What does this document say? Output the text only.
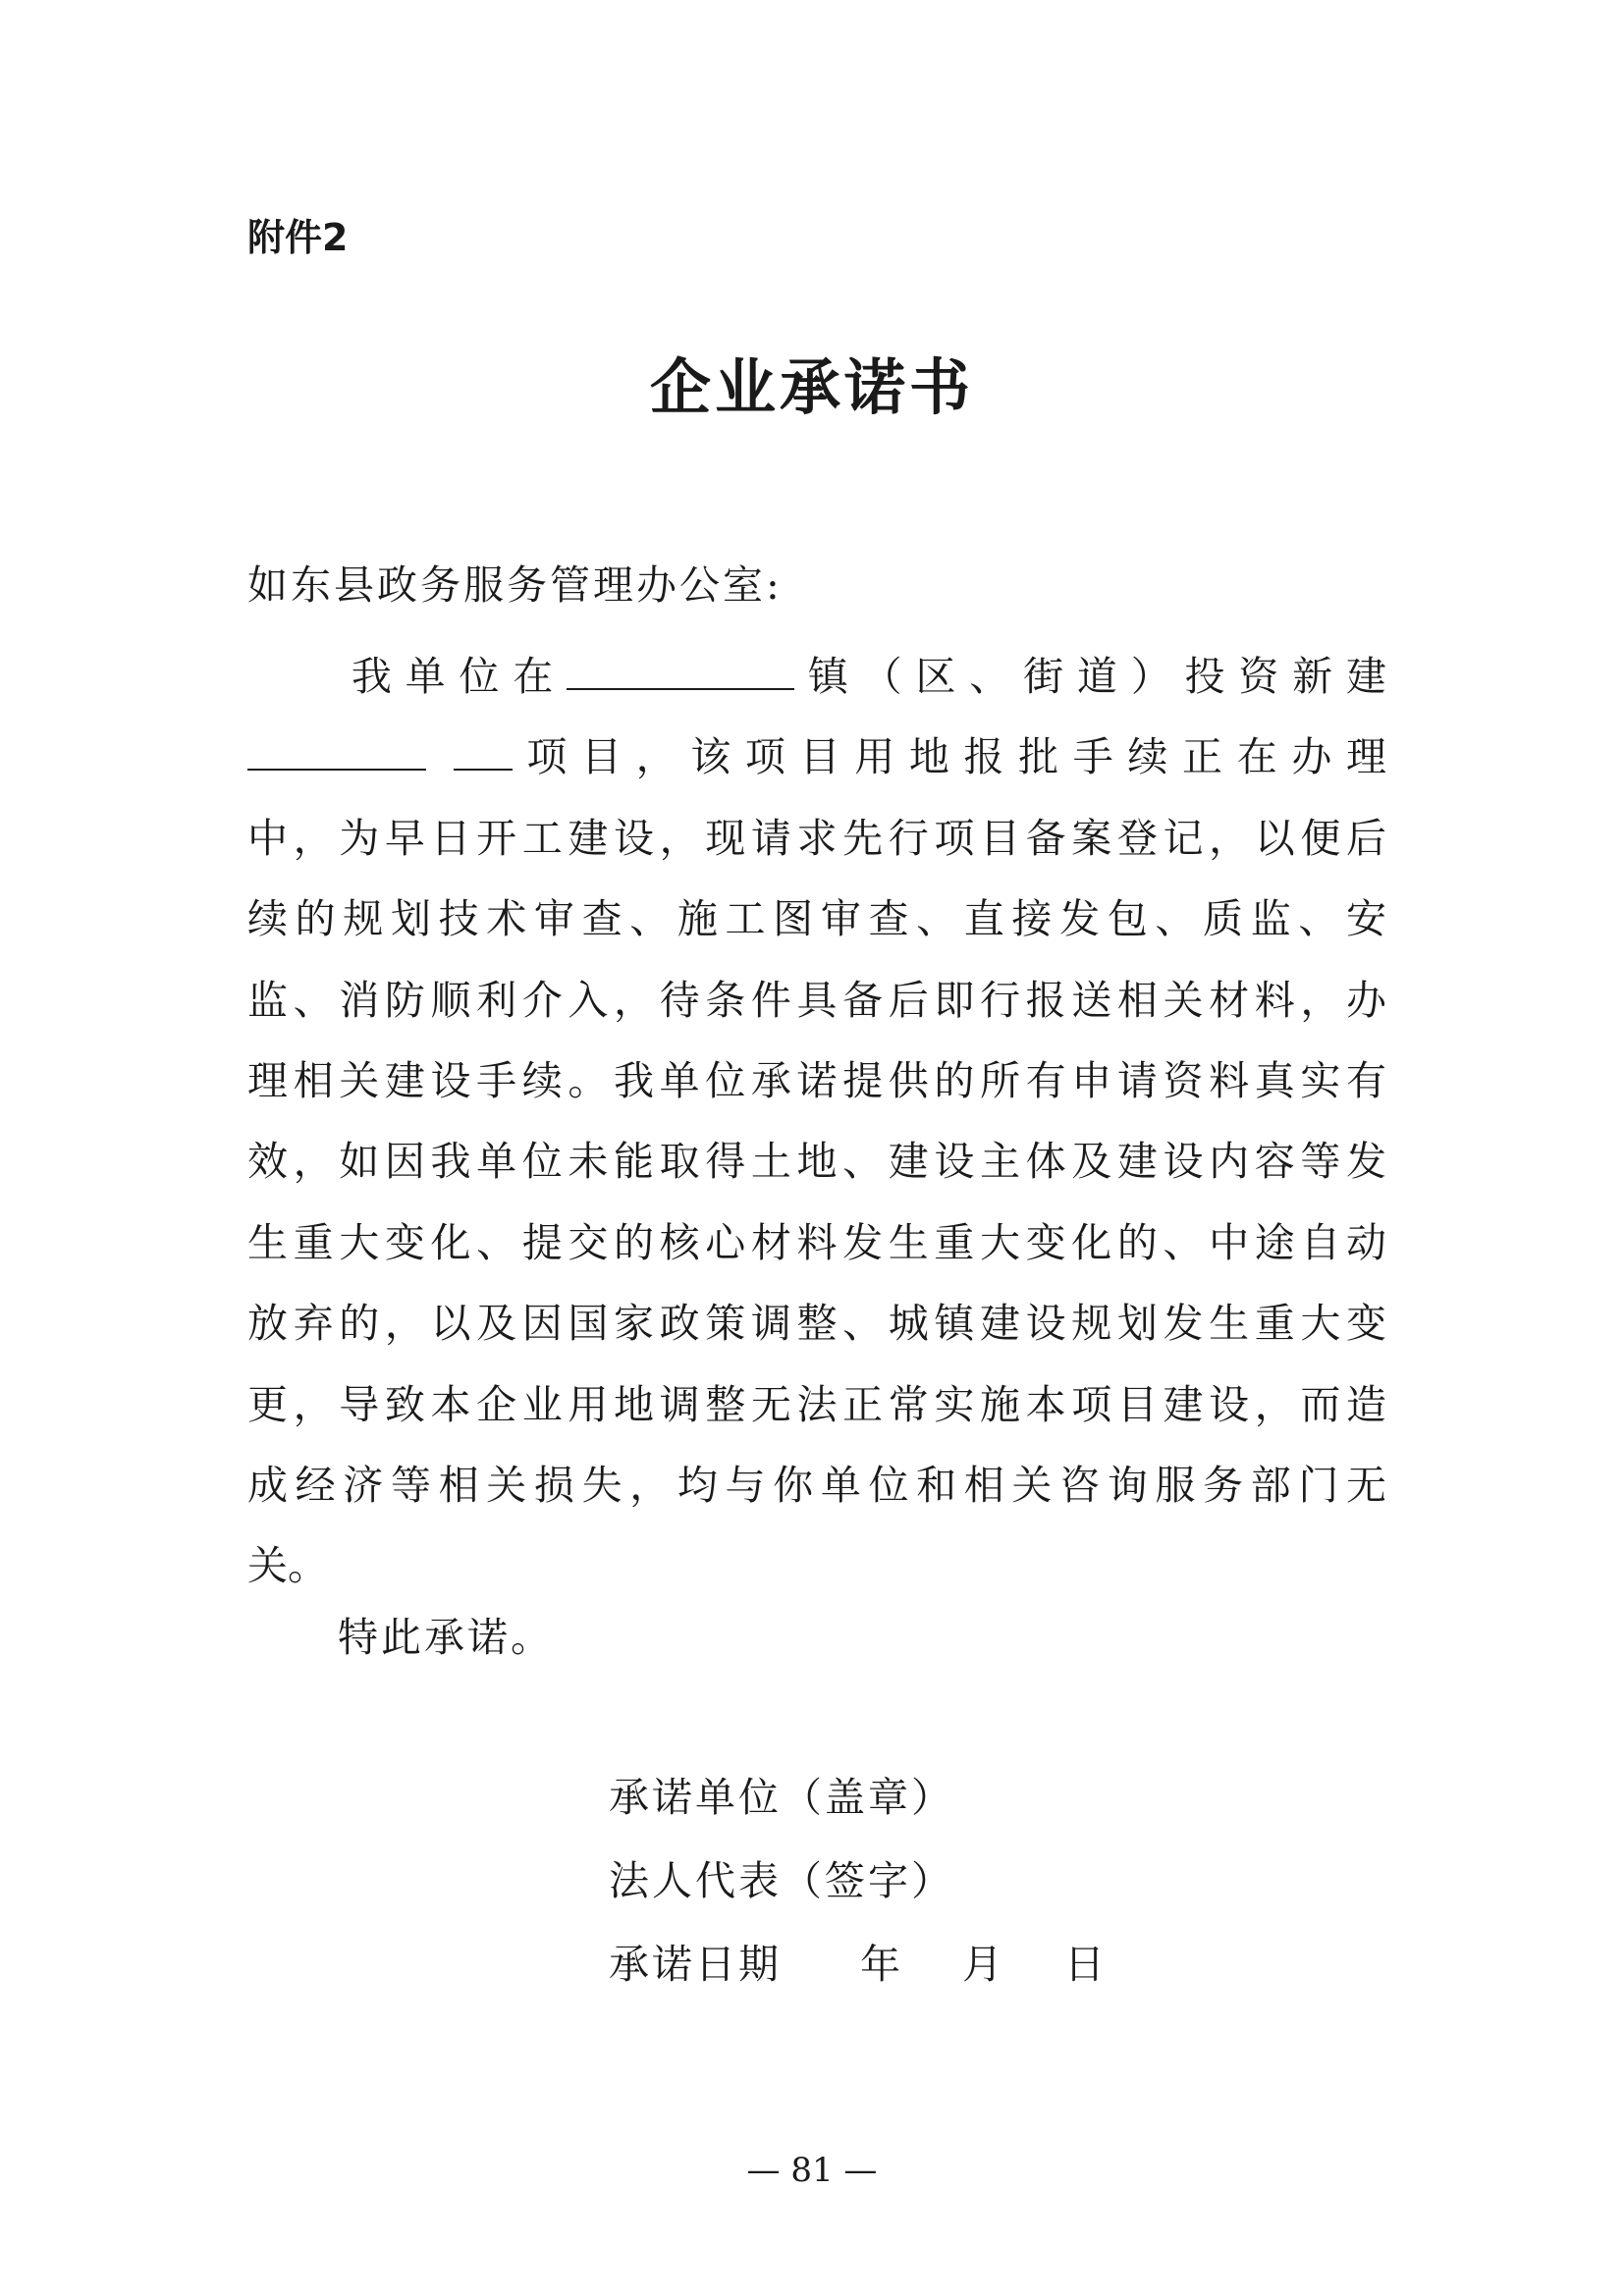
附件2
企业承诺书
如东县政务服务管理办公室:
我单位在	镇（区、街道）投资新建
项目，该项目用地报批手续正在办理
中，为早日开工建设，现请求先行项目备案登记，以便后
续的规划技术审查、施工图审查、直接发包、质监、安
监、消防顺利介入，待条件具备后即行报送相关材料，办
理相关建设手续。我单位承诺提供的所有申请资料真实有
效，如因我单位未能取得土地、建设主体及建设内容等发
生重大变化、提交的核心材料发生重大变化的、中途自动
放弃的，以及因国家政策调整、城镇建设规划发生重大变
更，导致本企业用地调整无法正常实施本项目建设，而造
成经济等相关损失，均与你单位和相关咨询服务部门无
关。
特此承诺。
承诺单位（盖章）
法人代表（签字）
承诺日期 年 月 日
— 81 —
